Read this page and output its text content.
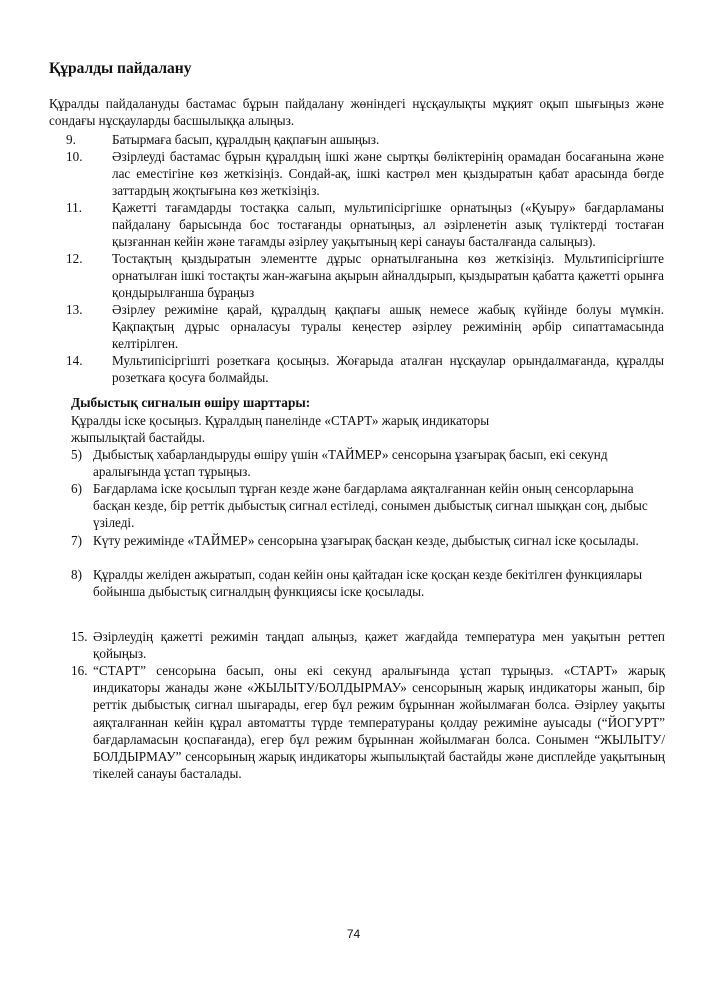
Құралды пайдалану

Құралды пайдалануды бастамас бұрын пайдалану жөніндегі нұсқаулықты мұқият оқып шығыңыз және сондағы нұсқауларды басшылыққа алыңыз.

9.	Батырмаға басып, құралдың қақпағын ашыңыз.
10. Әзірлеуді бастамас бұрын құралдың ішкі және сыртқы бөліктерінің орамадан босағанына және лас еместігіне көз жеткізіңіз. Сондай-ақ, ішкі кастрөл мен қыздыратын қабат арасында бөгде заттардың жоқтығына көз жеткізіңіз.
11. Қажетті тағамдарды тостақка салып, мультипісіргішке орнатыңыз («Қуыру» бағдарламаны пайдалану барысында бос тостағанды орнатыңыз, ал әзірленетін азық түліктерді тостаған қызғаннан кейін және тағамды әзірлеу уақытының кері санауы басталғанда салыңыз).
12. Тостақтың қыздыратын элементте дұрыс орнатылғанына көз жеткізіңіз. Мультипісіргіште орнатылған ішкі тостақты жан-жағына ақырын айналдырып, қыздыратын қабатта қажетті орынға қондырылғанша бұраңыз
13. Әзірлеу режиміне қарай, құралдың қақпағы ашық немесе жабық күйінде болуы мүмкін. Қақпақтың дұрыс орналасуы туралы кеңестер әзірлеу режимінің әрбір сипаттамасында келтірілген.
14. Мультипісіргішті розеткаға қосыңыз. Жоғарыда аталған нұсқаулар орындалмағанда, құралды розеткаға қосуға болмайды.
Дыбыстық сигналын өшіру шарттары:

Құралды іске қосыңыз. Құралдың панелінде «СТАРТ» жарық индикаторы

жыпылықтай бастайды.

5) Дыбыстық хабарландыруды өшіру үшін «ТАЙМЕР» сенсорына ұзағырақ басып, екі секунд аралығында ұстап тұрыңыз.
6) Бағдарлама іске қосылып тұрған кезде және бағдарлама аяқталғаннан кейін оның сенсорларына басқан кезде, бір реттік дыбыстық сигнал естіледі, сонымен дыбыстық сигнал шыққан соң, дыбыс үзіледі.
7) Күту режимінде «ТАЙМЕР» сенсорына ұзағырақ басқан кезде, дыбыстық сигнал іске қосылады.
8) Құралды желіден ажыратып, содан кейін оны қайтадан іске қосқан кезде бекітілген функциялары бойынша дыбыстық сигналдың функциясы іске қосылады.
15. Әзірлеудің қажетті режимін таңдап алыңыз, қажет жағдайда температура мен уақытын реттеп қойыңыз.
16. “СТАРТ” сенсорына басып, оны екі секунд аралығында ұстап тұрыңыз. «СТАРТ» жарық индикаторы жанады және «ЖЫЛЫТУ/БОЛДЫРМАУ» сенсорының жарық индикаторы жанып, бір реттік дыбыстық сигнал шығарады, егер бұл режим бұрыннан жойылмаған болса. Әзірлеу уақыты аяқталғаннан кейін құрал автоматты түрде температураны қолдау режиміне ауысады (“ЙОГУРТ” бағдарламасын қоспағанда), егер бұл режим бұрыннан жойылмаған болса. Сонымен “ЖЫЛЫТУ/БОЛДЫРМАУ” сенсорының жарық индикаторы жыпылықтай бастайды және дисплейде уақытының тікелей санауы басталады.
74
